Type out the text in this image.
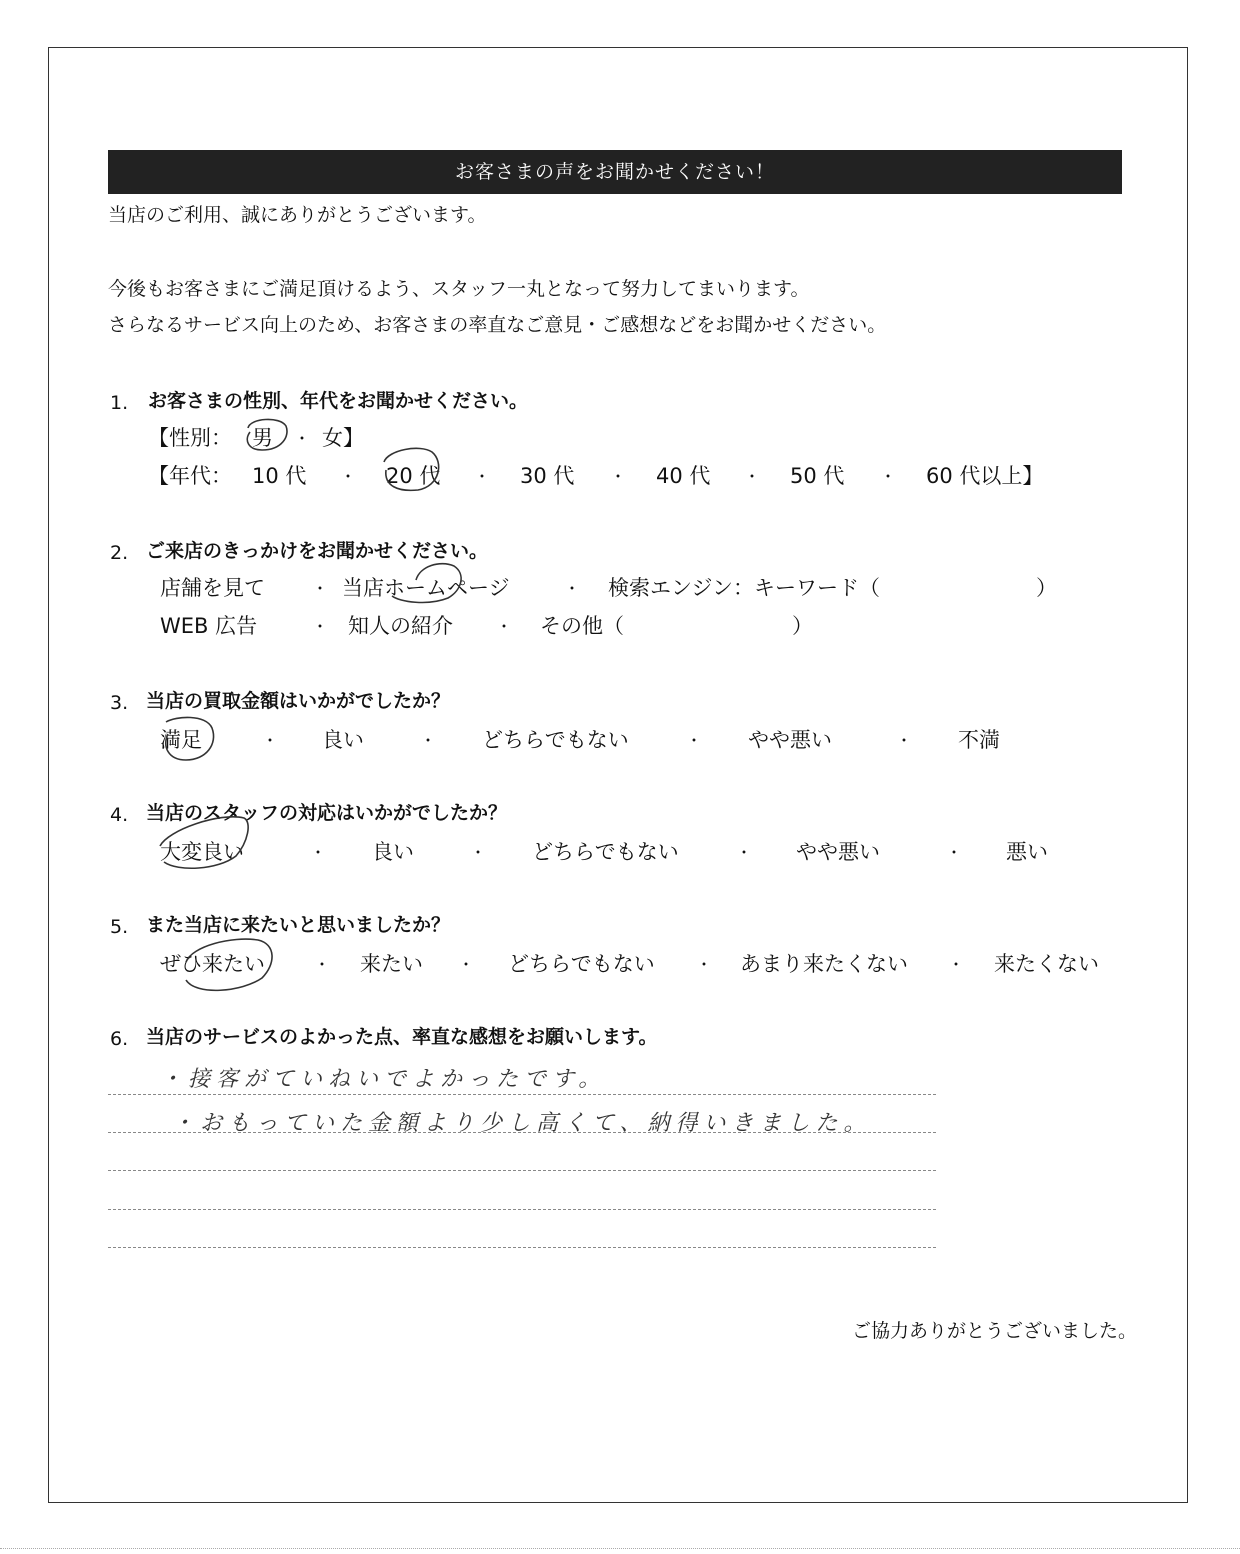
お客さまの声をお聞かせください！
当店のご利用、誠にありがとうございます。
今後もお客さまにご満足頂けるよう、スタッフ一丸となって努力してまいります。
さらなるサービス向上のため、お客さまの率直なご意見・ご感想などをお聞かせください。
1. お客さまの性別、年代をお聞かせください。
【性別： 男 ・ 女】
【年代： 10 代 ・ 20 代 ・ 30 代 ・ 40 代 ・ 50 代 ・ 60 代以上】
2. ご来店のきっかけをお聞かせください。
店舗を見て	・ 当店ホームページ	・ 検索エンジン：キーワード（	）
WEB 広告	・ 知人の紹介	・ その他（	）
3. 当店の買取金額はいかがでしたか？
満足	・ 良い	・ どちらでもない	・ やや悪い	・ 不満
4. 当店のスタッフの対応はいかがでしたか？
大変良い	・ 良い	・ どちらでもない	・ やや悪い	・ 悪い
5. また当店に来たいと思いましたか？
ぜひ来たい	・ 来たい ・ どちらでもない	・ あまり来たくない	・ 来たくない
6. 当店のサービスのよかった点、率直な感想をお願いします。
・接客がていねいでよかったです。
・おもっていた金額より少し高くて、納得いきました。
ご協力ありがとうございました。
